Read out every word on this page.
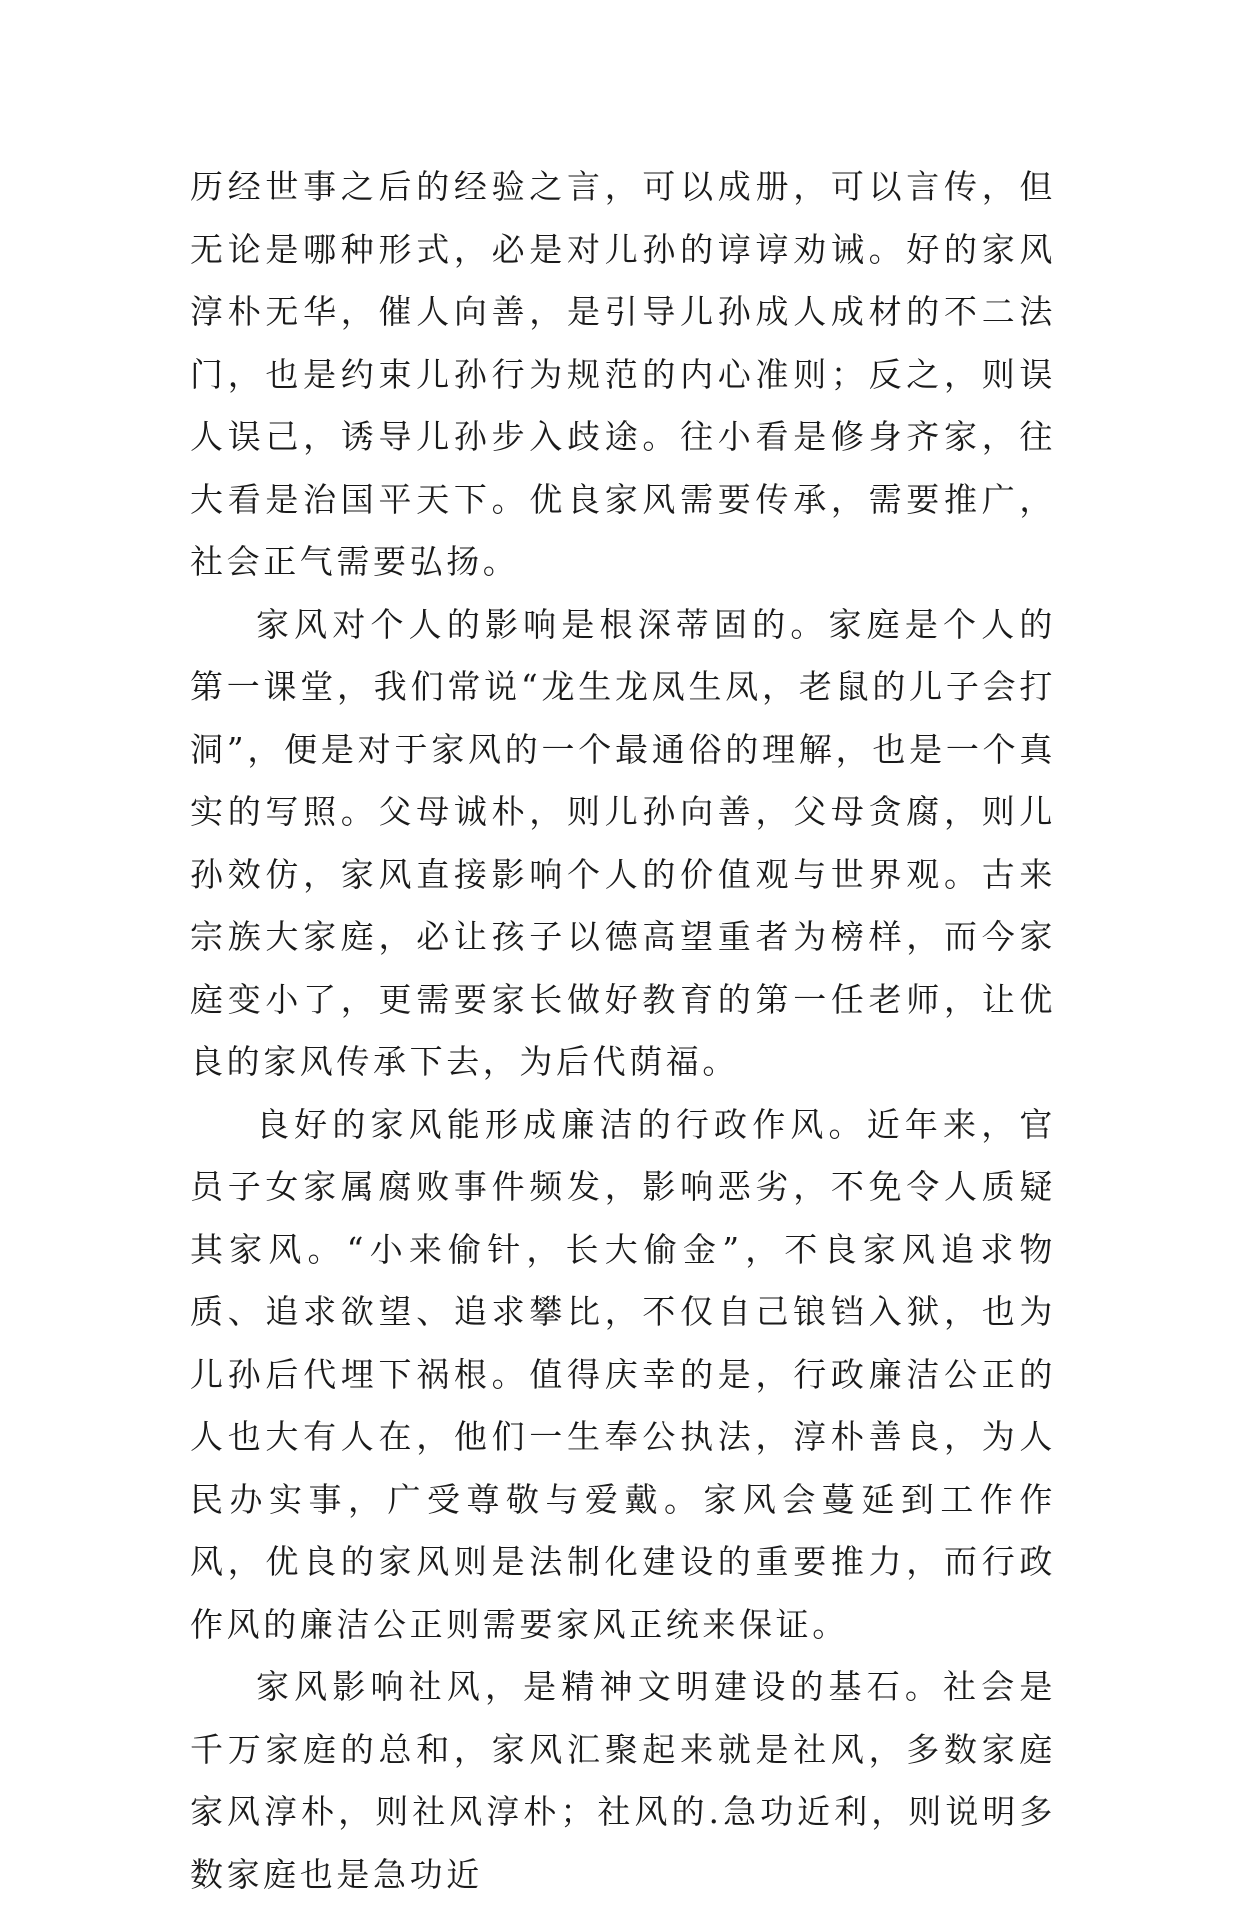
历经世事之后的经验之言，可以成册，可以言传，但无论是哪种形式，必是对儿孙的谆谆劝诫。好的家风淳朴无华，催人向善，是引导儿孙成人成材的不二法门，也是约束儿孙行为规范的内心准则；反之，则误人误己，诱导儿孙步入歧途。往小看是修身齐家，往大看是治国平天下。优良家风需要传承，需要推广，社会正气需要弘扬。

家风对个人的影响是根深蒂固的。家庭是个人的第一课堂，我们常说“龙生龙凤生凤，老鼠的儿子会打洞”，便是对于家风的一个最通俗的理解，也是一个真实的写照。父母诚朴，则儿孙向善，父母贪腐，则儿孙效仿，家风直接影响个人的价值观与世界观。古来宗族大家庭，必让孩子以德高望重者为榜样，而今家庭变小了，更需要家长做好教育的第一任老师，让优良的家风传承下去，为后代荫福。

良好的家风能形成廉洁的行政作风。近年来，官员子女家属腐败事件频发，影响恶劣，不免令人质疑其家风。“小来偷针，长大偷金”，不良家风追求物质、追求欲望、追求攀比，不仅自己锒铛入狱，也为儿孙后代埋下祸根。值得庆幸的是，行政廉洁公正的人也大有人在，他们一生奉公执法，淳朴善良，为人民办实事，广受尊敬与爱戴。家风会蔓延到工作作风，优良的家风则是法制化建设的重要推力，而行政作风的廉洁公正则需要家风正统来保证。

家风影响社风，是精神文明建设的基石。社会是千万家庭的总和，家风汇聚起来就是社风，多数家庭家风淳朴，则社风淳朴；社风的.急功近利，则说明多数家庭也是急功近
